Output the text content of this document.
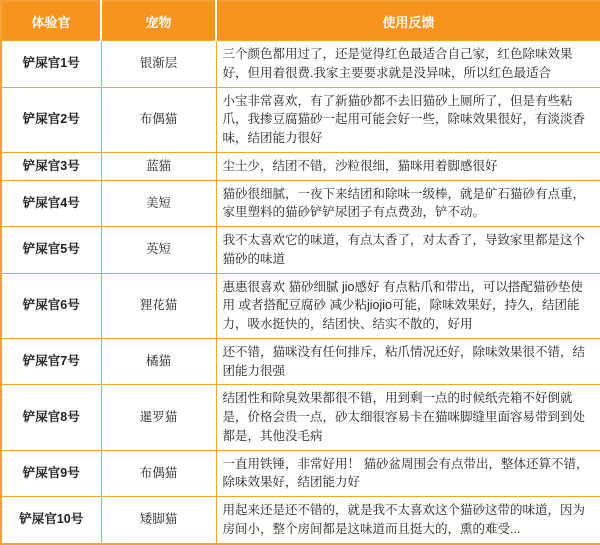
体验官	宠物	使用反馈
铲屎官1号	银渐层	三个颜色都用过了，还是觉得红色最适合自己家，红色除味效果好，但用着很费.我家主要要求就是没异味，所以红色最适合
铲屎官2号	布偶猫	小宝非常喜欢，有了新猫砂都不去旧猫砂上厕所了，但是有些粘爪，我掺豆腐猫砂一起用可能会好一些，除味效果很好，有淡淡香味，结团能力很好
铲屎官3号	蓝猫	尘土少，结团不错，沙粒很细，猫咪用着脚感很好
铲屎官4号	美短	猫砂很细腻，一夜下来结团和除味一级棒，就是矿石猫砂有点重，家里塑料的猫砂铲铲尿团子有点费劲，铲不动。
铲屎官5号	英短	我不太喜欢它的味道，有点太香了，对太香了，导致家里都是这个猫砂的味道
铲屎官6号	狸花猫	惠惠很喜欢 猫砂细腻 jio感好 有点粘爪和带出，可以搭配猫砂垫使用 或者搭配豆腐砂 减少粘jiojio可能，除味效果好，持久，结团能力，吸水挺快的，结团快、结实不散的，好用
铲屎官7号	橘猫	还不错，猫咪没有任何排斥，粘爪情况还好，除味效果很不错，结团能力很强
铲屎官8号	暹罗猫	结团性和除臭效果都很不错，用到剩一点的时候纸壳箱不好倒就是，价格会贵一点，砂太细很容易卡在猫咪脚缝里面容易带到到处都是，其他没毛病
铲屎官9号	布偶猫	一直用铁锤，非常好用！ 猫砂盆周围会有点带出，整体还算不错，除味效果好，结团能力好
铲屎官10号	矮脚猫	用起来还是还不错的，就是我不太喜欢这个猫砂这带的味道，因为房间小，整个房间都是这味道而且挺大的，熏的难受...
